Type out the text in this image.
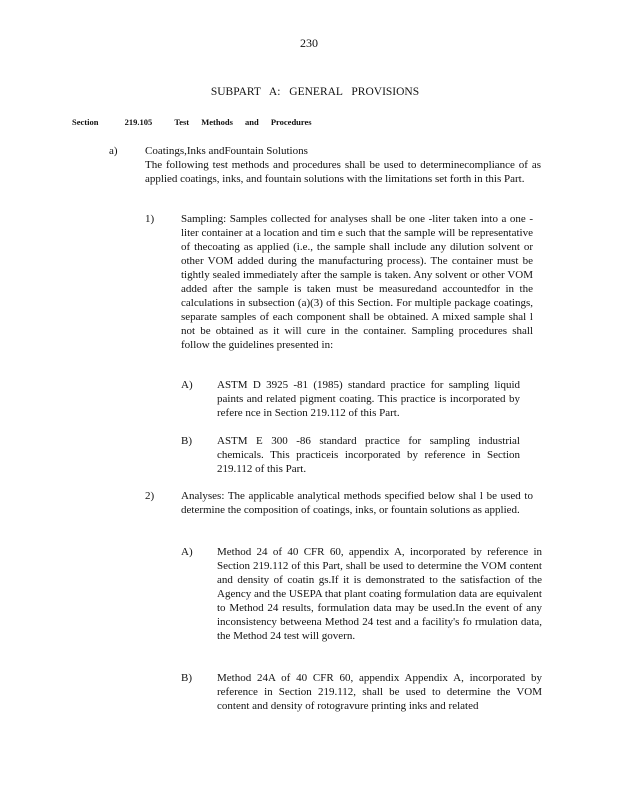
230
SUBPART A: GENERAL PROVISIONS
Section	219.105	Test Methods and Procedures
a) Coatings,Inks andFountain Solutions

The following test methods and procedures shall be used to determinecompliance of as applied coatings, inks, and fountain solutions with the limitations set forth in this Part.

1) Sampling: Samples collected for analyses shall be one -liter taken into a one -liter container at a location and tim e such that the sample will be representative of thecoating as applied (i.e., the sample shall include any dilution solvent or other VOM added during the manufacturing process). The container must be tightly sealed immediately after the sample is taken. Any solvent or other VOM added after the sample is taken must be measuredand accountedfor in the calculations in subsection (a)(3) of this Section. For multiple package coatings, separate samples of each component shall be obtained. A mixed sample shal l not be obtained as it will cure in the container. Sampling procedures shall follow the guidelines presented in:
A) ASTM D 3925 -81 (1985) standard practice for sampling liquid paints and related pigment coating. This practice is incorporated by refere nce in Section 219.112 of this Part.
B) ASTM E 300 -86 standard practice for sampling industrial chemicals. This practiceis incorporated by reference in Section 219.112 of this Part.
2) Analyses: The applicable analytical methods specified below shal l be used to determine the composition of coatings, inks, or fountain solutions as applied.
A) Method 24 of 40 CFR 60, appendix A, incorporated by reference in Section 219.112 of this Part, shall be used to determine the VOM content and density of coatin gs.If it is demonstrated to the satisfaction of the Agency and the USEPA that plant coating formulation data are equivalent to Method 24 results, formulation data may be used.In the event of any inconsistency betweena Method 24 test and a facility's fo rmulation data, the Method 24 test will govern.
B) Method 24A of 40 CFR 60, appendix Appendix A, incorporated by reference in Section 219.112, shall be used to determine the VOM content and density of rotogravure printing inks and related
